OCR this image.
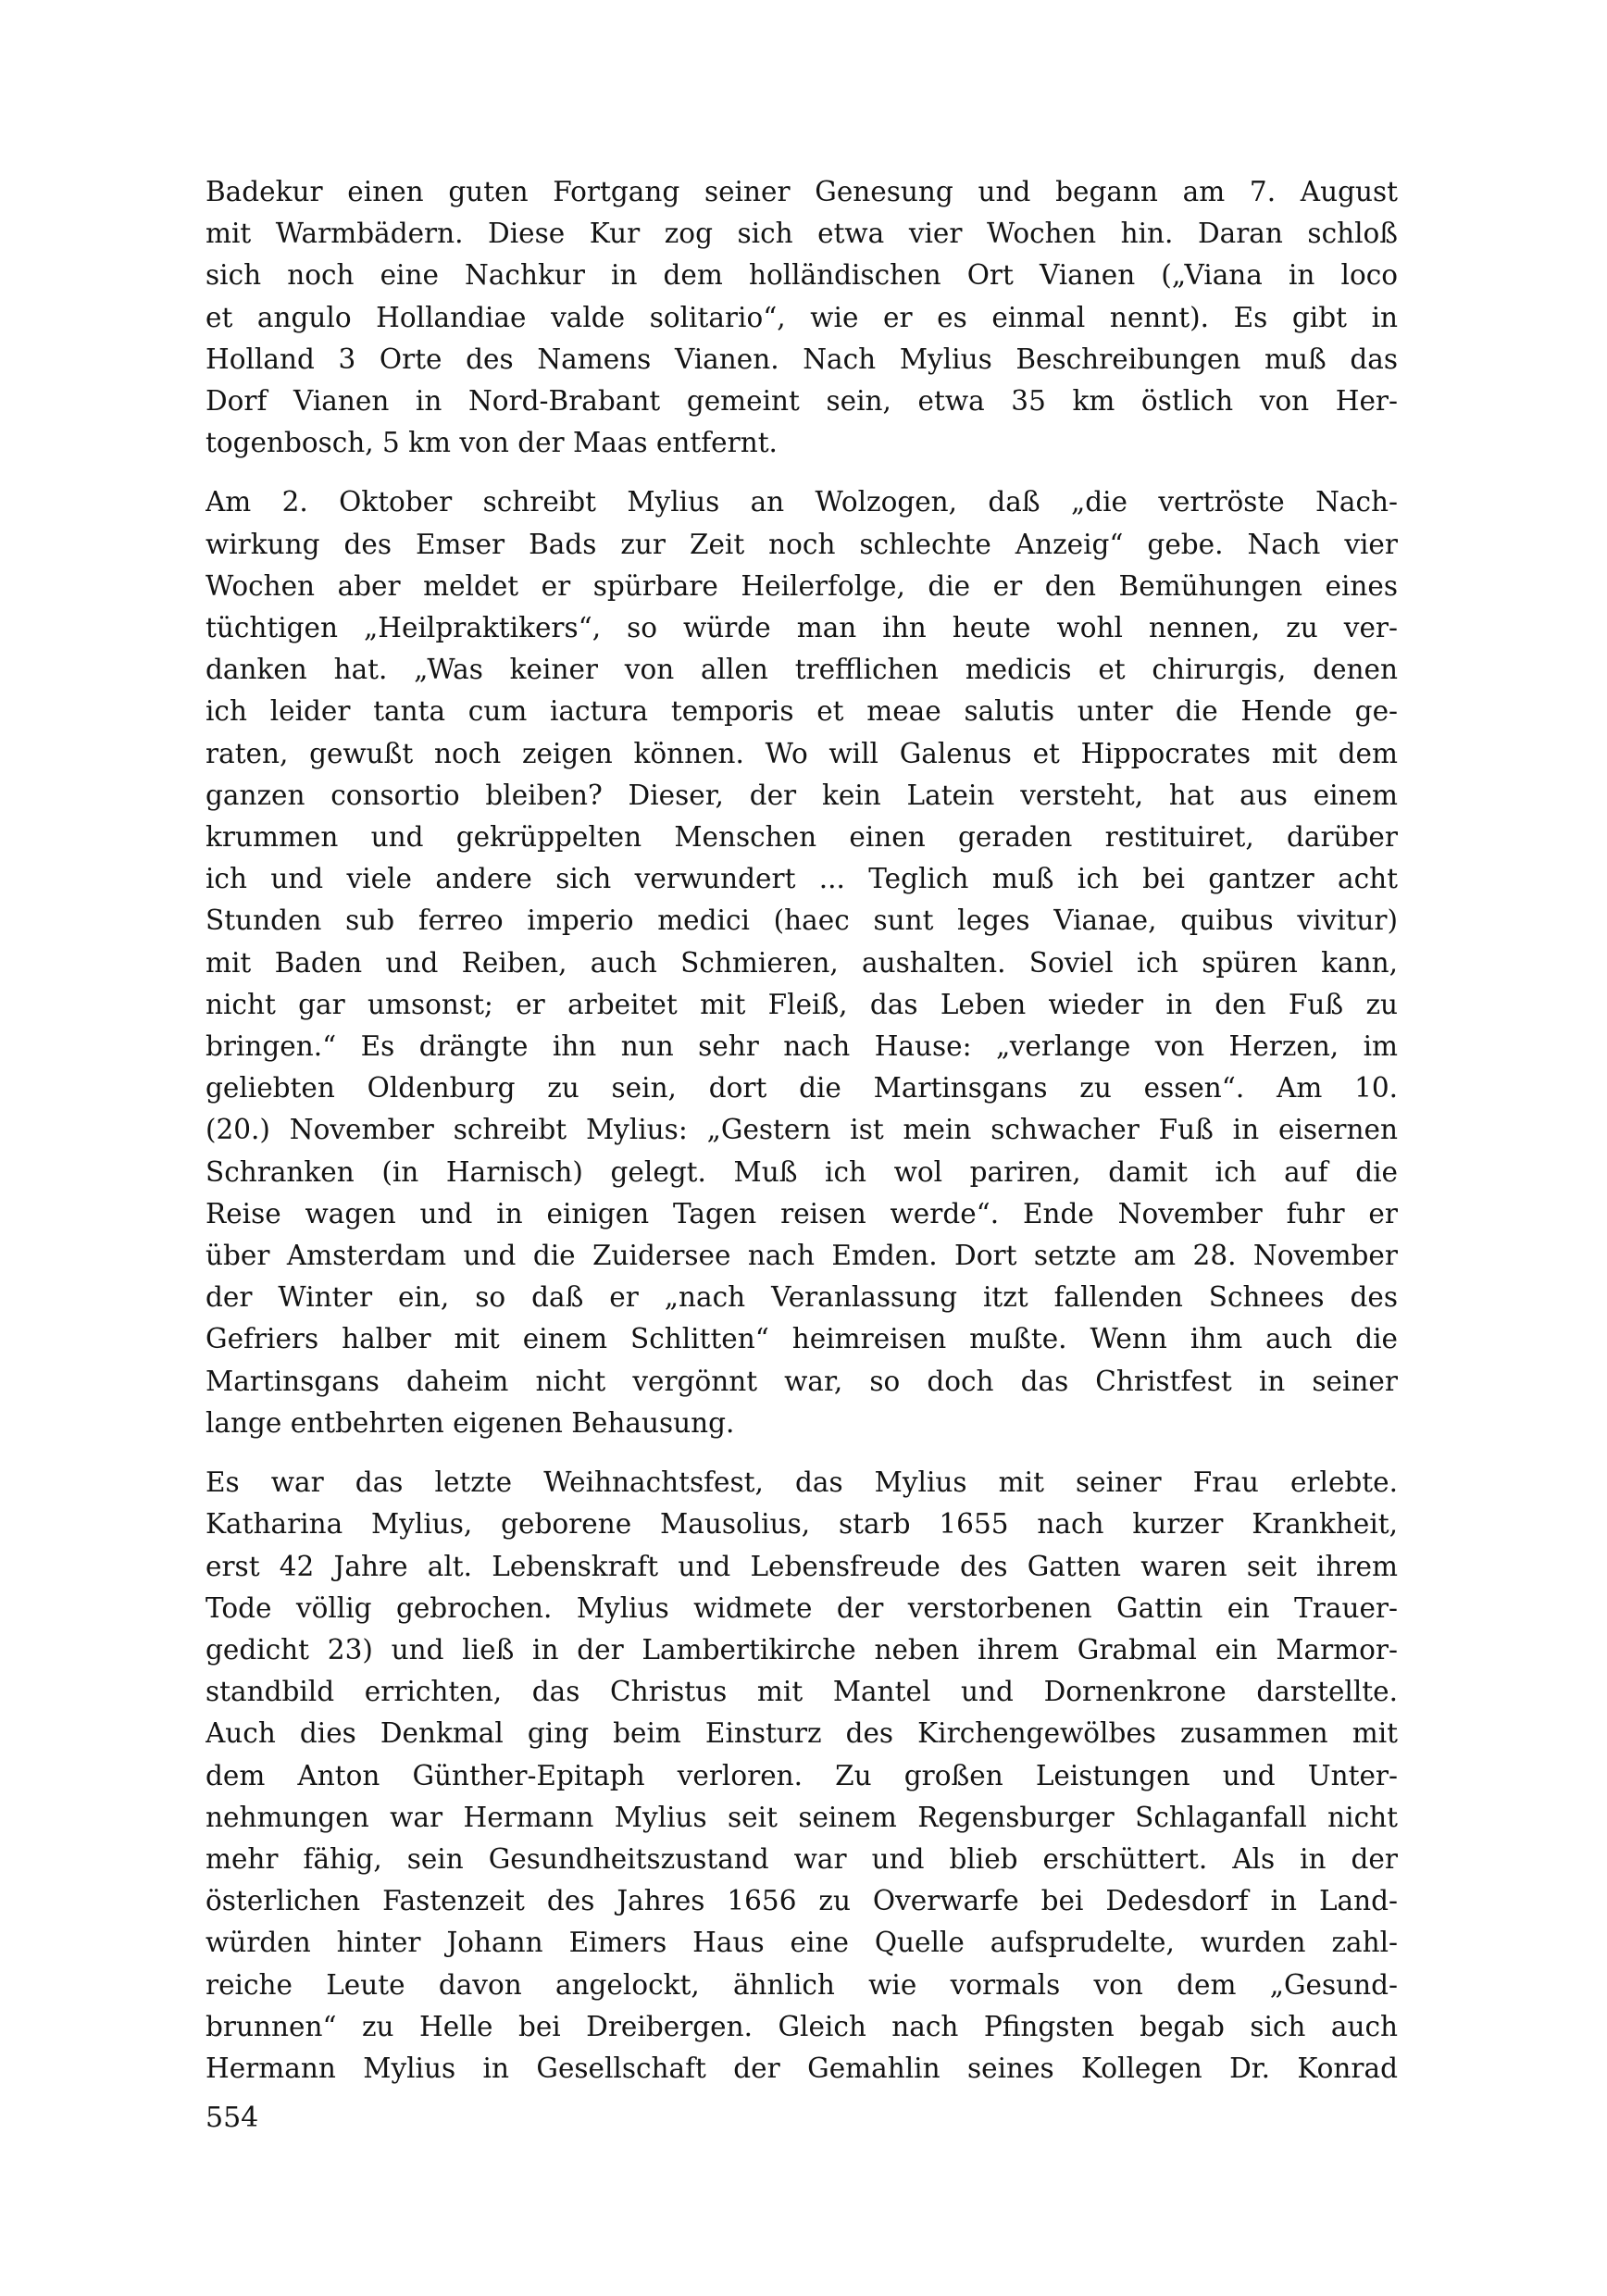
Badekur einen guten Fortgang seiner Genesung und begann am 7. August
mit Warmbädern. Diese Kur zog sich etwa vier Wochen hin. Daran schloß
sich noch eine Nachkur in dem holländischen Ort Vianen („Viana in loco
et angulo Hollandiae valde solitario“, wie er es einmal nennt). Es gibt in
Holland 3 Orte des Namens Vianen. Nach Mylius Beschreibungen muß das
Dorf Vianen in Nord-Brabant gemeint sein, etwa 35 km östlich von Her-
togenbosch, 5 km von der Maas entfernt.

Am 2. Oktober schreibt Mylius an Wolzogen, daß „die vertröste Nach-
wirkung des Emser Bads zur Zeit noch schlechte Anzeig“ gebe. Nach vier
Wochen aber meldet er spürbare Heilerfolge, die er den Bemühungen eines
tüchtigen „Heilpraktikers“, so würde man ihn heute wohl nennen, zu ver-
danken hat. „Was keiner von allen trefflichen medicis et chirurgis, denen
ich leider tanta cum iactura temporis et meae salutis unter die Hende ge-
raten, gewußt noch zeigen können. Wo will Galenus et Hippocrates mit dem
ganzen consortio bleiben? Dieser, der kein Latein versteht, hat aus einem
krummen und gekrüppelten Menschen einen geraden restituiret, darüber
ich und viele andere sich verwundert ... Teglich muß ich bei gantzer acht
Stunden sub ferreo imperio medici (haec sunt leges Vianae, quibus vivitur)
mit Baden und Reiben, auch Schmieren, aushalten. Soviel ich spüren kann,
nicht gar umsonst; er arbeitet mit Fleiß, das Leben wieder in den Fuß zu
bringen.“ Es drängte ihn nun sehr nach Hause: „verlange von Herzen, im
geliebten Oldenburg zu sein, dort die Martinsgans zu essen“. Am 10.
(20.) November schreibt Mylius: „Gestern ist mein schwacher Fuß in eisernen
Schranken (in Harnisch) gelegt. Muß ich wol pariren, damit ich auf die
Reise wagen und in einigen Tagen reisen werde“. Ende November fuhr er
über Amsterdam und die Zuidersee nach Emden. Dort setzte am 28. November
der Winter ein, so daß er „nach Veranlassung itzt fallenden Schnees des
Gefriers halber mit einem Schlitten“ heimreisen mußte. Wenn ihm auch die
Martinsgans daheim nicht vergönnt war, so doch das Christfest in seiner
lange entbehrten eigenen Behausung.

Es war das letzte Weihnachtsfest, das Mylius mit seiner Frau erlebte.
Katharina Mylius, geborene Mausolius, starb 1655 nach kurzer Krankheit,
erst 42 Jahre alt. Lebenskraft und Lebensfreude des Gatten waren seit ihrem
Tode völlig gebrochen. Mylius widmete der verstorbenen Gattin ein Trauer-
gedicht 23) und ließ in der Lambertikirche neben ihrem Grabmal ein Marmor-
standbild errichten, das Christus mit Mantel und Dornenkrone darstellte.
Auch dies Denkmal ging beim Einsturz des Kirchengewölbes zusammen mit
dem Anton Günther-Epitaph verloren. Zu großen Leistungen und Unter-
nehmungen war Hermann Mylius seit seinem Regensburger Schlaganfall nicht
mehr fähig, sein Gesundheitszustand war und blieb erschüttert. Als in der
österlichen Fastenzeit des Jahres 1656 zu Overwarfe bei Dedesdorf in Land-
würden hinter Johann Eimers Haus eine Quelle aufsprudelte, wurden zahl-
reiche Leute davon angelockt, ähnlich wie vormals von dem „Gesund-
brunnen“ zu Helle bei Dreibergen. Gleich nach Pfingsten begab sich auch
Hermann Mylius in Gesellschaft der Gemahlin seines Kollegen Dr. Konrad

554
